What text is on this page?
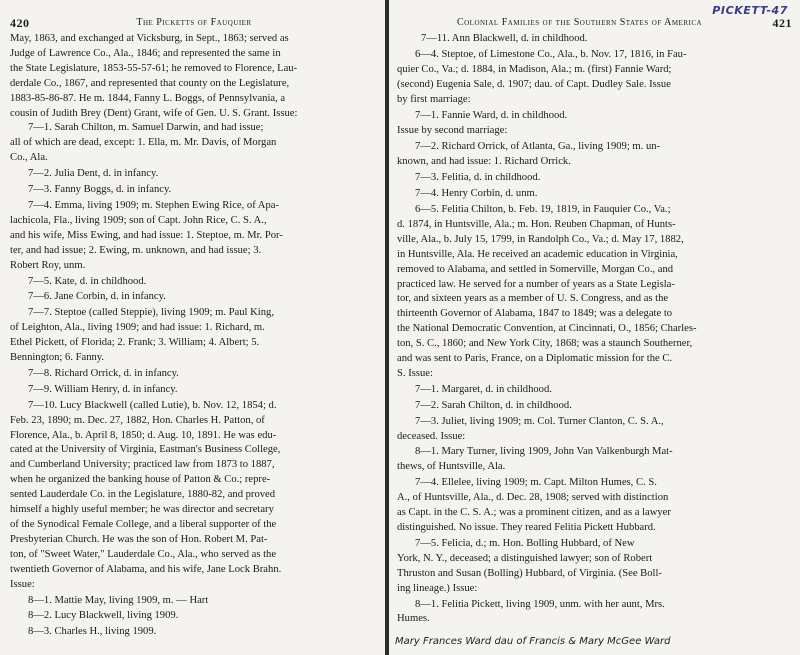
420	The Picketts of Fauquier

May, 1863, and exchanged at Vicksburg, in Sept., 1863; served as

Judge of Lawrence Co., Ala., 1846; and represented the same in

the State Legislature, 1853-55-57-61; he removed to Florence, Lau-

derdale Co., 1867, and represented that county on the Legislature,

1883-85-86-87. He m. 1844, Fanny L. Boggs, of Pennsylvania, a

cousin of Judith Brey (Dent) Grant, wife of Gen. U. S. Grant. Issue:

7—1. Sarah Chilton, m. Samuel Darwin, and had issue;

all of which are dead, except: 1. Ella, m. Mr. Davis, of Morgan

Co., Ala.

7—2. Julia Dent, d. in infancy.

7—3. Fanny Boggs, d. in infancy.

7—4. Emma, living 1909; m. Stephen Ewing Rice, of Apa-

lachicola, Fla., living 1909; son of Capt. John Rice, C. S. A.,

and his wife, Miss Ewing, and had issue: 1. Steptoe, m. Mr. Por-

ter, and had issue; 2. Ewing, m. unknown, and had issue; 3.

Robert Roy, unm.

7—5. Kate, d. in childhood.

7—6. Jane Corbin, d. in infancy.

7—7. Steptoe (called Steppie), living 1909; m. Paul King,

of Leighton, Ala., living 1909; and had issue: 1. Richard, m.

Ethel Pickett, of Florida; 2. Frank; 3. William; 4. Albert; 5.

Bennington; 6. Fanny.

7—8. Richard Orrick, d. in infancy.

7—9. William Henry, d. in infancy.

7—10. Lucy Blackwell (called Lutie), b. Nov. 12, 1854; d.

Feb. 23, 1890; m. Dec. 27, 1882, Hon. Charles H. Patton, of

Florence, Ala., b. April 8, 1850; d. Aug. 10, 1891. He was edu-

cated at the University of Virginia, Eastman's Business College,

and Cumberland University; practiced law from 1873 to 1887,

when he organized the banking house of Patton & Co.; repre-

sented Lauderdale Co. in the Legislature, 1880-82, and proved

himself a highly useful member; he was director and secretary

of the Synodical Female College, and a liberal supporter of the

Presbyterian Church. He was the son of Hon. Robert M. Pat-

ton, of "Sweet Water," Lauderdale Co., Ala., who served as the

twentieth Governor of Alabama, and his wife, Jane Lock Brahn.

Issue:

8—1. Mattie May, living 1909, m. — Hart

8—2. Lucy Blackwell, living 1909.

8—3. Charles H., living 1909.

PICKETT-47
Colonial Families of the Southern States of America	421

7—11. Ann Blackwell, d. in childhood.

6—4. Steptoe, of Limestone Co., Ala., b. Nov. 17, 1816, in Fau-

quier Co., Va.; d. 1884, in Madison, Ala.; m. (first) Fannie Ward;

(second) Eugenia Sale, d. 1907; dau. of Capt. Dudley Sale. Issue

by first marriage:

7—1. Fannie Ward, d. in childhood.

Issue by second marriage:

7—2. Richard Orrick, of Atlanta, Ga., living 1909; m. un-

known, and had issue: 1. Richard Orrick.

7—3. Felitia, d. in childhood.

7—4. Henry Corbin, d. unm.

6—5. Felitia Chilton, b. Feb. 19, 1819, in Fauquier Co., Va.;

d. 1874, in Huntsville, Ala.; m. Hon. Reuben Chapman, of Hunts-

ville, Ala., b. July 15, 1799, in Randolph Co., Va.; d. May 17, 1882,

in Huntsville, Ala. He received an academic education in Virginia,

removed to Alabama, and settled in Somerville, Morgan Co., and

practiced law. He served for a number of years as a State Legisla-

tor, and sixteen years as a member of U. S. Congress, and as the

thirteenth Governor of Alabama, 1847 to 1849; was a delegate to

the National Democratic Convention, at Cincinnati, O., 1856; Charles-

ton, S. C., 1860; and New York City, 1868; was a staunch Southerner,

and was sent to Paris, France, on a Diplomatic mission for the C.

S. Issue:

7—1. Margaret, d. in childhood.

7—2. Sarah Chilton, d. in childhood.

7—3. Juliet, living 1909; m. Col. Turner Clanton, C. S. A.,

deceased. Issue:

8—1. Mary Turner, living 1909, John Van Valkenburgh Mat-

thews, of Huntsville, Ala.

7—4. Ellelee, living 1909; m. Capt. Milton Humes, C. S.

A., of Huntsville, Ala., d. Dec. 28, 1908; served with distinction

as Capt. in the C. S. A.; was a prominent citizen, and as a lawyer

distinguished. No issue. They reared Felitia Pickett Hubbard.

7—5. Felicia, d.; m. Hon. Bolling Hubbard, of New

York, N. Y., deceased; a distinguished lawyer; son of Robert

Thruston and Susan (Bolling) Hubbard, of Virginia. (See Boll-

ing lineage.) Issue:

8—1. Felitia Pickett, living 1909, unm. with her aunt, Mrs.

Humes.

Mary Frances Ward dau of Francis & Mary McGee Ward
